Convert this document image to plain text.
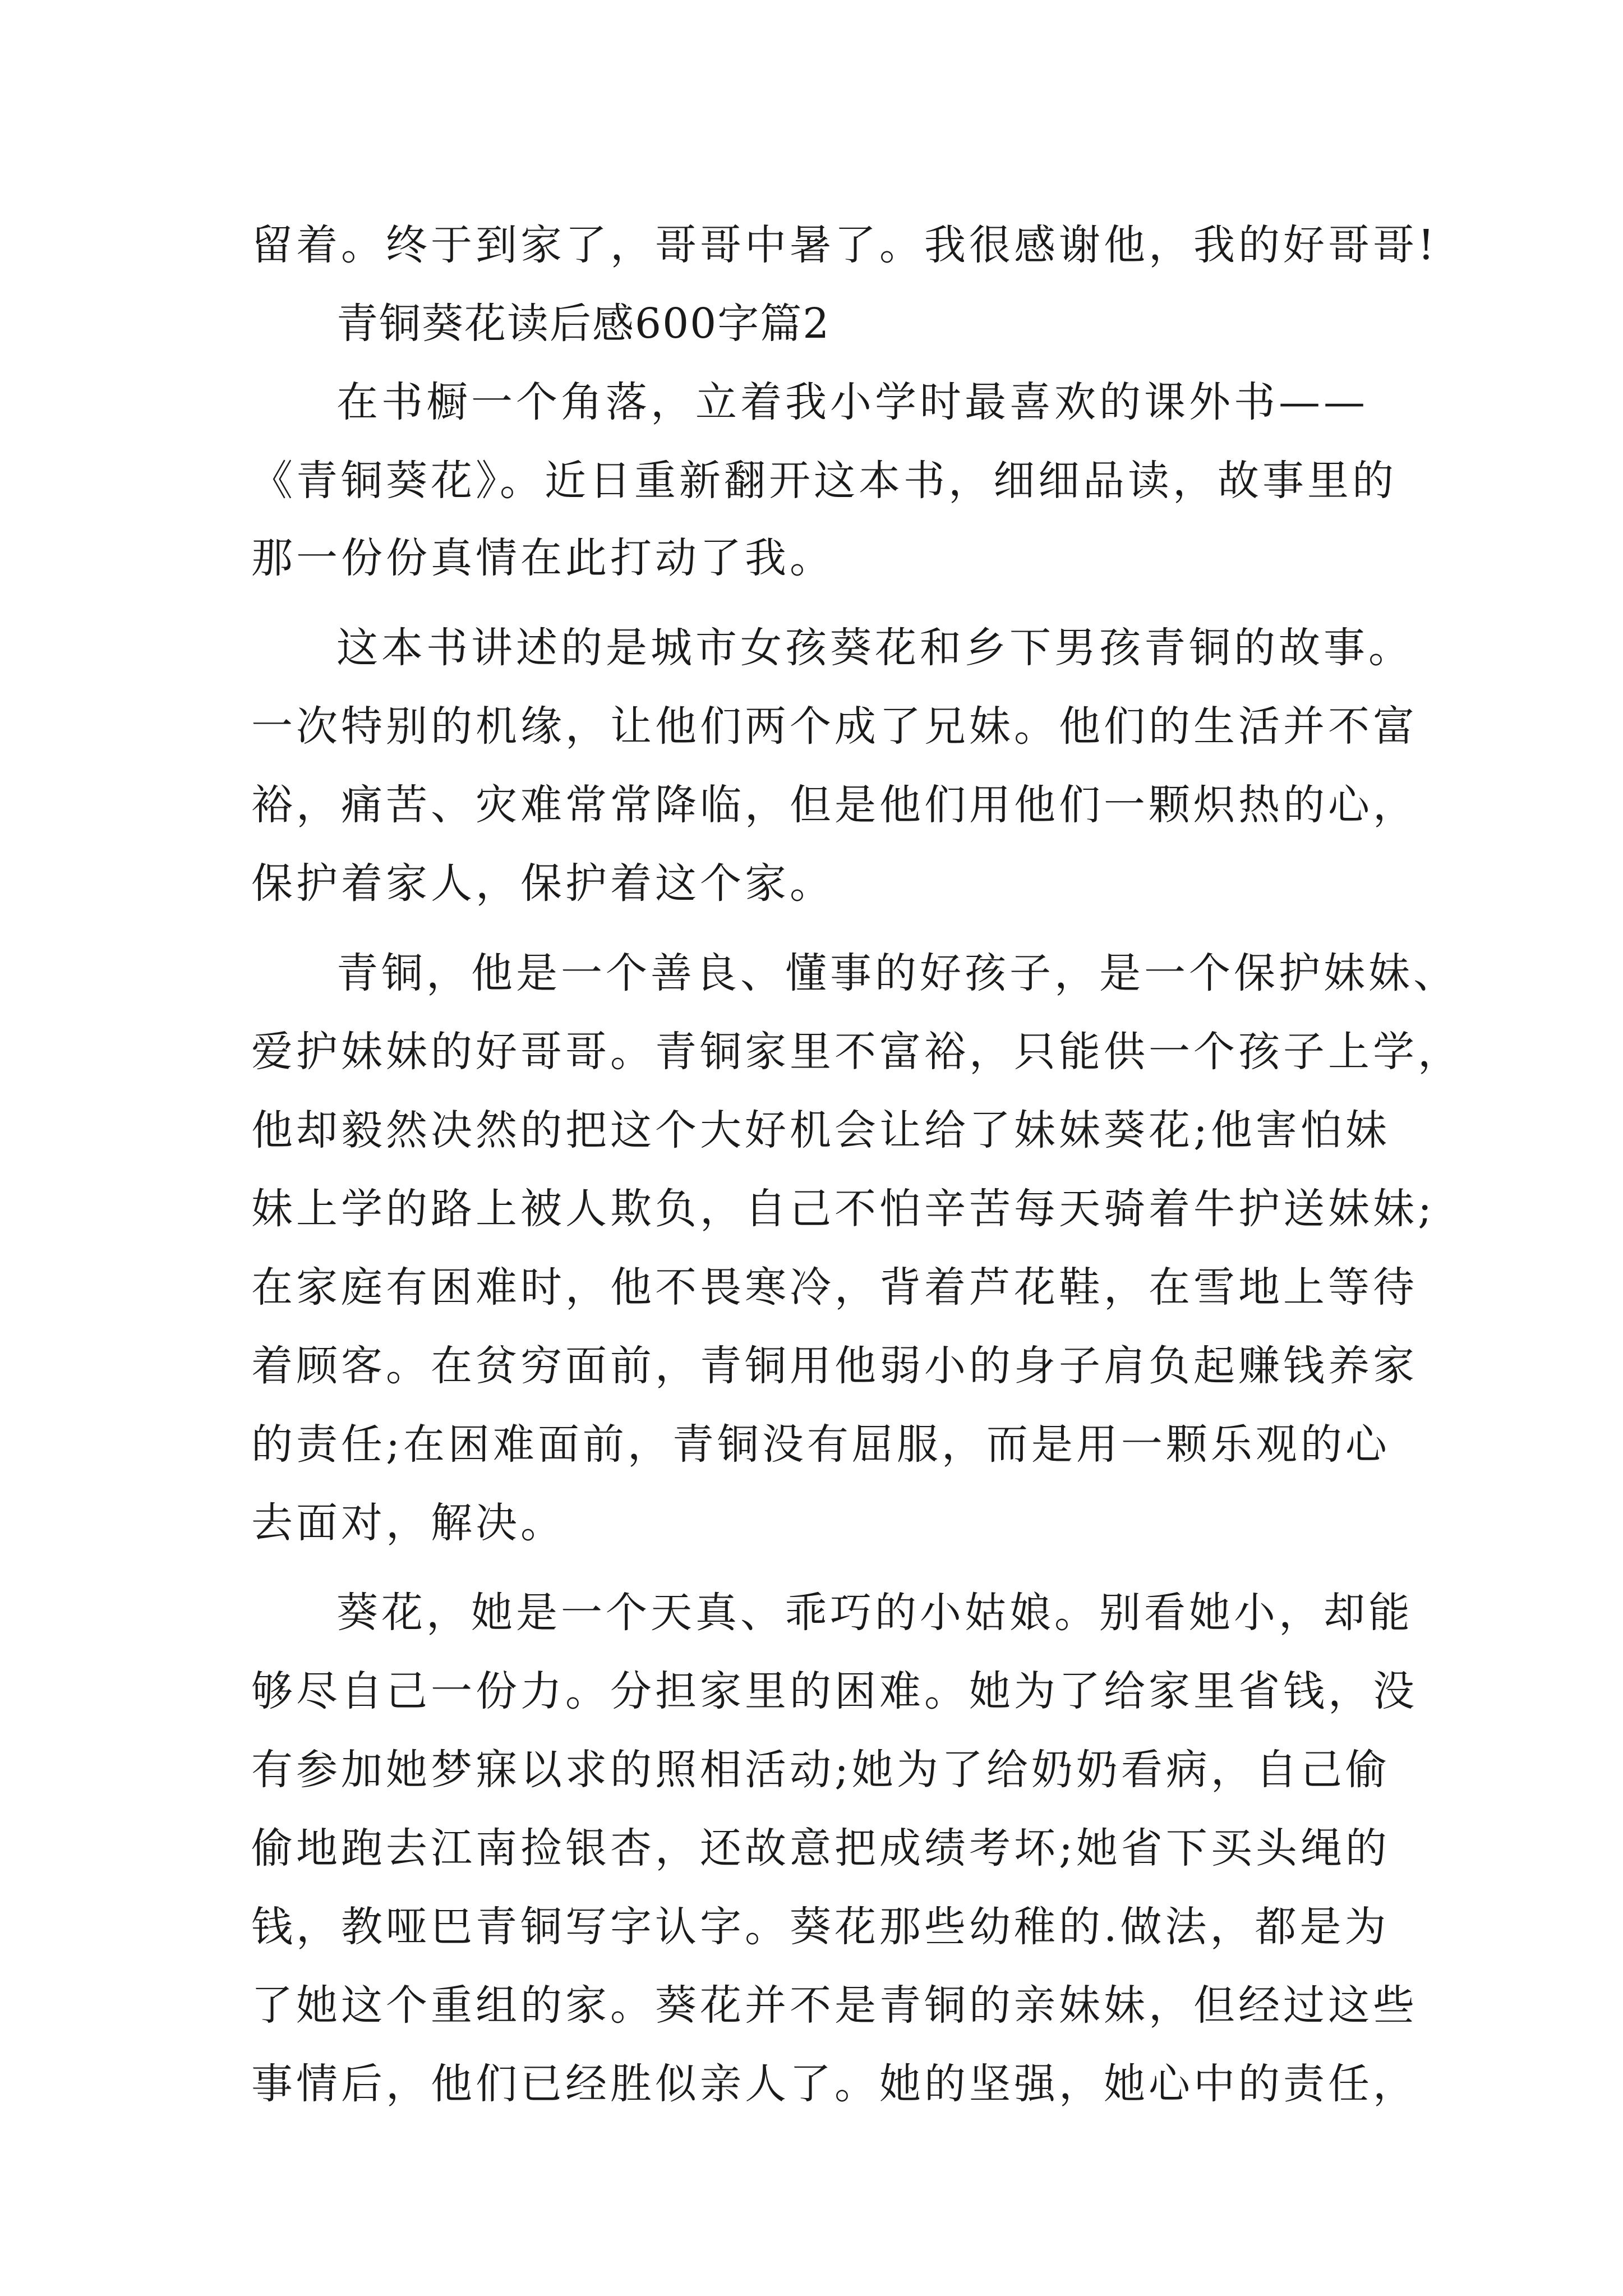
留着。终于到家了，哥哥中暑了。我很感谢他，我的好哥哥!
青铜葵花读后感600字篇2
在书橱一个角落，立着我小学时最喜欢的课外书——
《青铜葵花》。近日重新翻开这本书，细细品读，故事里的
那一份份真情在此打动了我。
这本书讲述的是城市女孩葵花和乡下男孩青铜的故事。
一次特别的机缘，让他们两个成了兄妹。他们的生活并不富
裕，痛苦、灾难常常降临，但是他们用他们一颗炽热的心，
保护着家人，保护着这个家。
青铜，他是一个善良、懂事的好孩子，是一个保护妹妹、
爱护妹妹的好哥哥。青铜家里不富裕，只能供一个孩子上学，
他却毅然决然的把这个大好机会让给了妹妹葵花;他害怕妹
妹上学的路上被人欺负，自己不怕辛苦每天骑着牛护送妹妹;
在家庭有困难时，他不畏寒冷，背着芦花鞋，在雪地上等待
着顾客。在贫穷面前，青铜用他弱小的身子肩负起赚钱养家
的责任;在困难面前，青铜没有屈服，而是用一颗乐观的心
去面对，解决。
葵花，她是一个天真、乖巧的小姑娘。别看她小，却能
够尽自己一份力。分担家里的困难。她为了给家里省钱，没
有参加她梦寐以求的照相活动;她为了给奶奶看病，自己偷
偷地跑去江南捡银杏，还故意把成绩考坏;她省下买头绳的
钱，教哑巴青铜写字认字。葵花那些幼稚的.做法，都是为
了她这个重组的家。葵花并不是青铜的亲妹妹，但经过这些
事情后，他们已经胜似亲人了。她的坚强，她心中的责任，
